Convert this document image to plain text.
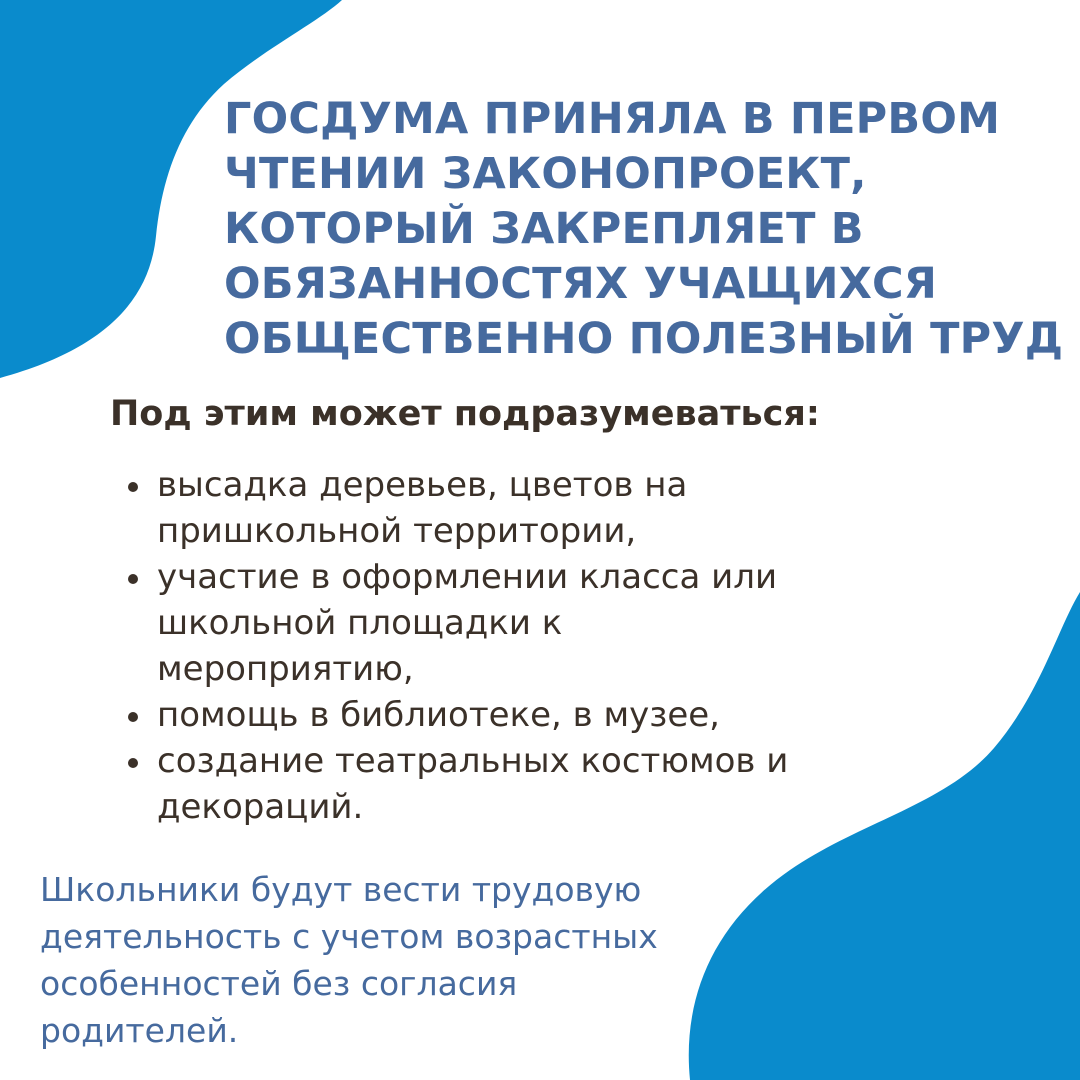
ГОСДУМА ПРИНЯЛА В ПЕРВОМ
ЧТЕНИИ ЗАКОНОПРОЕКТ,
КОТОРЫЙ ЗАКРЕПЛЯЕТ В
ОБЯЗАННОСТЯХ УЧАЩИХСЯ
ОБЩЕСТВЕННО ПОЛЕЗНЫЙ ТРУД
Под этим может подразумеваться:
высадка деревьев, цветов на
пришкольной территории,
участие в оформлении класса или
школьной площадки к
мероприятию,
помощь в библиотеке, в музее,
создание театральных костюмов и
декораций.

Школьники будут вести трудовую
деятельность с учетом возрастных
особенностей без согласия
родителей.
